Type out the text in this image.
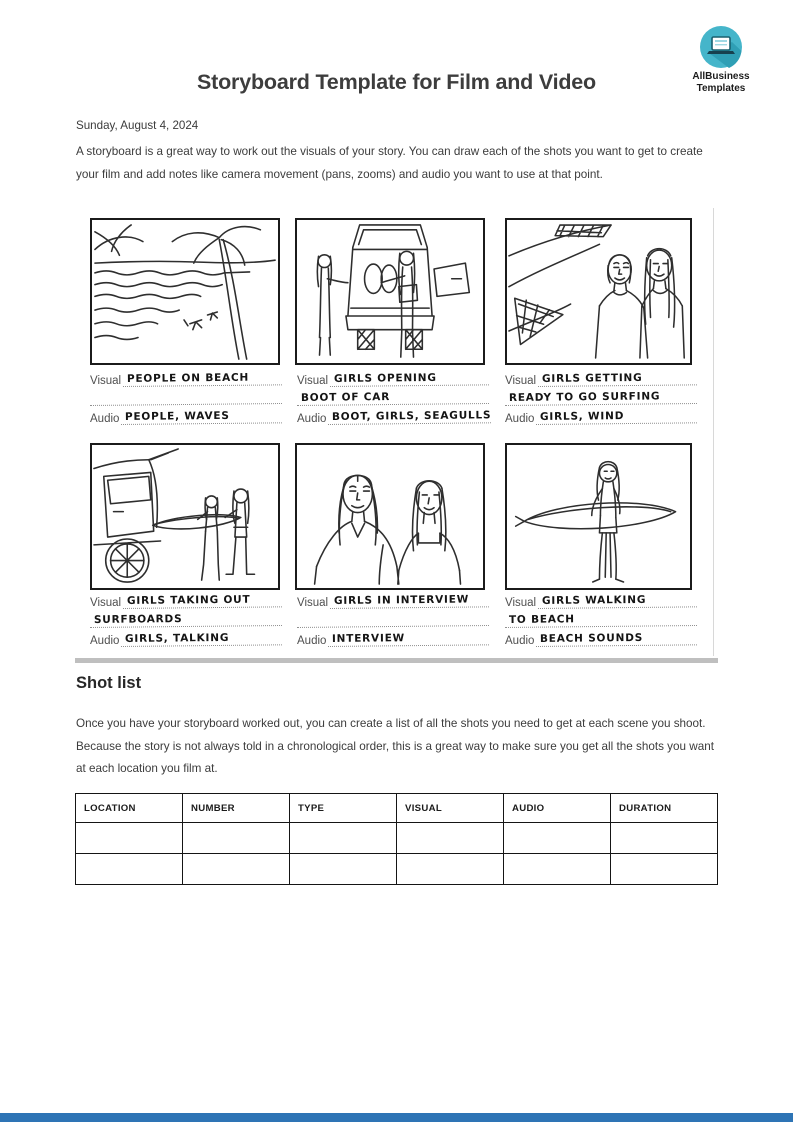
AllBusiness
Templates
Storyboard Template for Film and Video
Sunday, August 4, 2024
A storyboard is a great way to work out the visuals of your story. You can draw each of the shots you want to get to create your film and add notes like camera movement (pans, zooms) and audio you want to use at that point.
Visual PEOPLE ON BEACH
Audio PEOPLE, WAVES
Visual GIRLS OPENING
BOOT OF CAR
Audio BOOT, GIRLS, SEAGULLS
Visual GIRLS GETTING
READY TO GO SURFING
Audio GIRLS, WIND
Visual GIRLS TAKING OUT
SURFBOARDS
Audio GIRLS, TALKING
Visual GIRLS IN INTERVIEW
Audio INTERVIEW
Visual GIRLS WALKING
TO BEACH
Audio BEACH SOUNDS
Shot list
Once you have your storyboard worked out, you can create a list of all the shots you need to get at each scene you shoot. Because the story is not always told in a chronological order, this is a great way to make sure you get all the shots you want at each location you film at.
LOCATION	NUMBER	TYPE	VISUAL	AUDIO	DURATION
